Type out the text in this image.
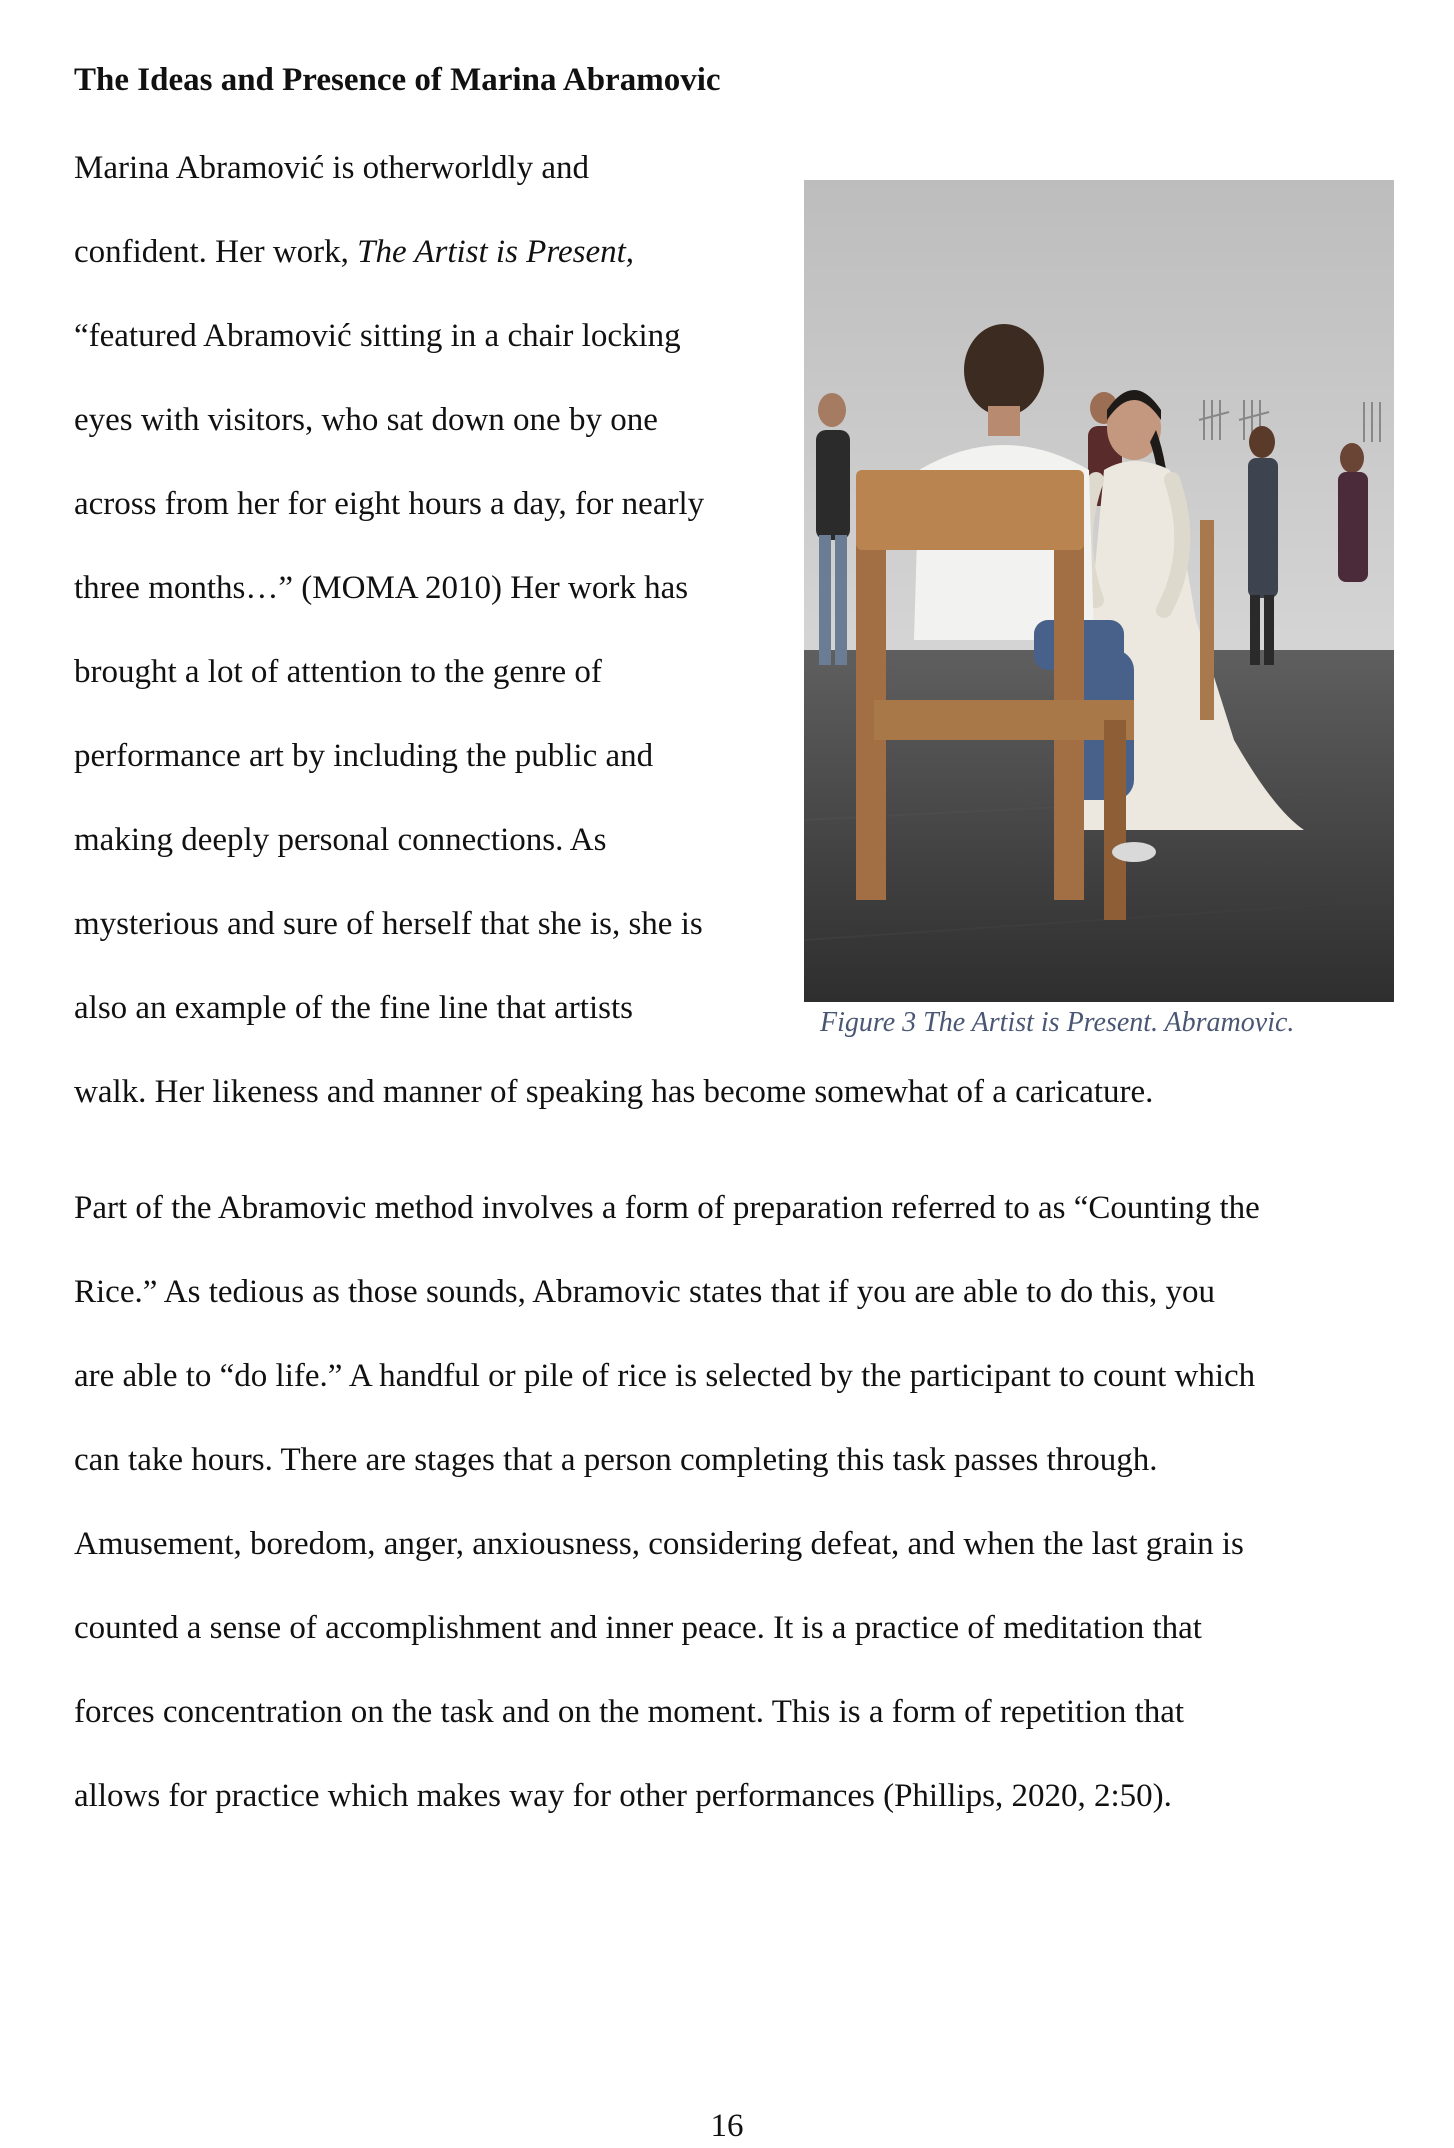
The Ideas and Presence of Marina Abramovic
Marina Abramović is otherworldly and
confident. Her work, The Artist is Present,
“featured Abramović sitting in a chair locking
eyes with visitors, who sat down one by one
across from her for eight hours a day, for nearly
three months…” (MOMA 2010) Her work has
brought a lot of attention to the genre of
performance art by including the public and
making deeply personal connections. As
mysterious and sure of herself that she is, she is
also an example of the fine line that artists
walk. Her likeness and manner of speaking has become somewhat of a caricature.
Figure 3 The Artist is Present. Abramovic.
Part of the Abramovic method involves a form of preparation referred to as “Counting the
Rice.” As tedious as those sounds, Abramovic states that if you are able to do this, you
are able to “do life.” A handful or pile of rice is selected by the participant to count which
can take hours. There are stages that a person completing this task passes through.
Amusement, boredom, anger, anxiousness, considering defeat, and when the last grain is
counted a sense of accomplishment and inner peace. It is a practice of meditation that
forces concentration on the task and on the moment. This is a form of repetition that
allows for practice which makes way for other performances (Phillips, 2020, 2:50).
16
